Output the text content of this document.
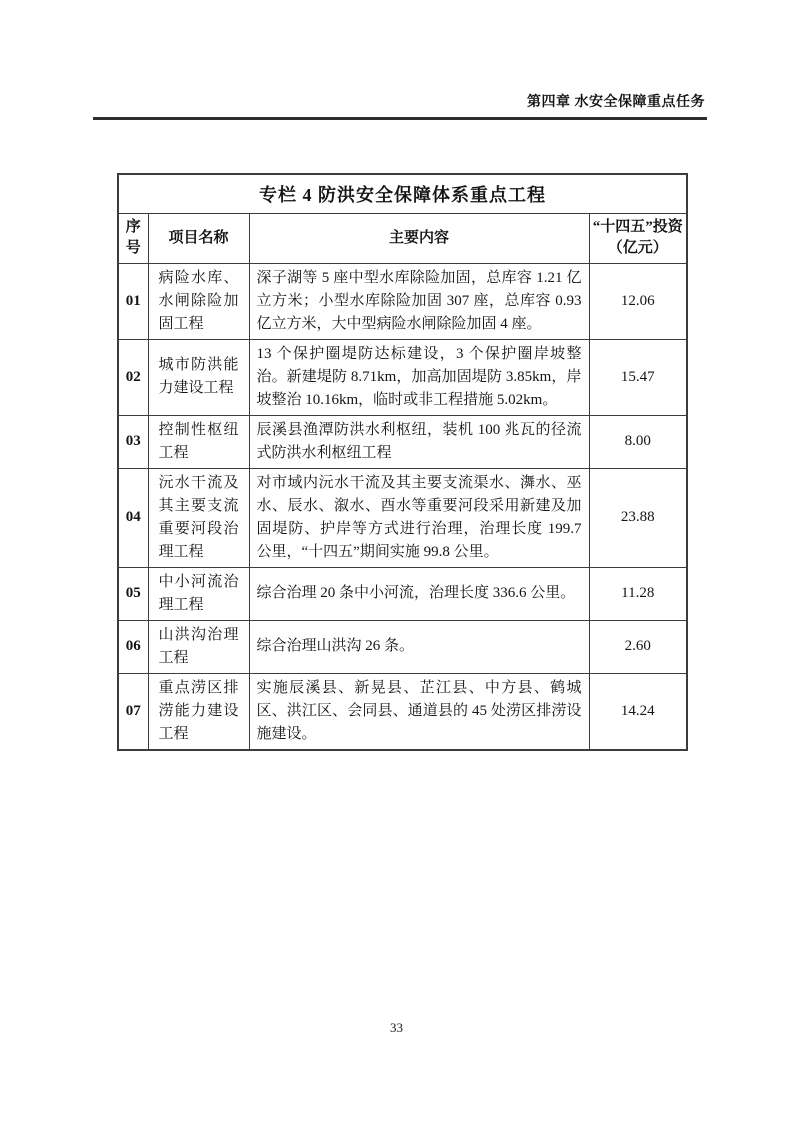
第四章 水安全保障重点任务
专栏 4 防洪安全保障体系重点工程			
序号	项目名称	主要内容	“十四五”投资（亿元）
01	病险水库、水闸除险加固工程	深子湖等 5 座中型水库除险加固，总库容 1.21 亿立方米；小型水库除险加固 307 座，总库容 0.93 亿立方米，大中型病险水闸除险加固 4 座。	12.06
02	城市防洪能力建设工程	13 个保护圈堤防达标建设，3 个保护圈岸坡整治。新建堤防 8.71km，加高加固堤防 3.85km，岸坡整治 10.16km，临时或非工程措施 5.02km。	15.47
03	控制性枢纽工程	辰溪县渔潭防洪水利枢纽，装机 100 兆瓦的径流式防洪水利枢纽工程	8.00
04	沅水干流及其主要支流重要河段治理工程	对市域内沅水干流及其主要支流渠水、㵲水、巫水、辰水、溆水、酉水等重要河段采用新建及加固堤防、护岸等方式进行治理，治理长度 199.7 公里，“十四五”期间实施 99.8 公里。	23.88
05	中小河流治理工程	综合治理 20 条中小河流，治理长度 336.6 公里。	11.28
06	山洪沟治理工程	综合治理山洪沟 26 条。	2.60
07	重点涝区排涝能力建设工程	实施辰溪县、新晃县、芷江县、中方县、鹤城区、洪江区、会同县、通道县的 45 处涝区排涝设施建设。	14.24
33
